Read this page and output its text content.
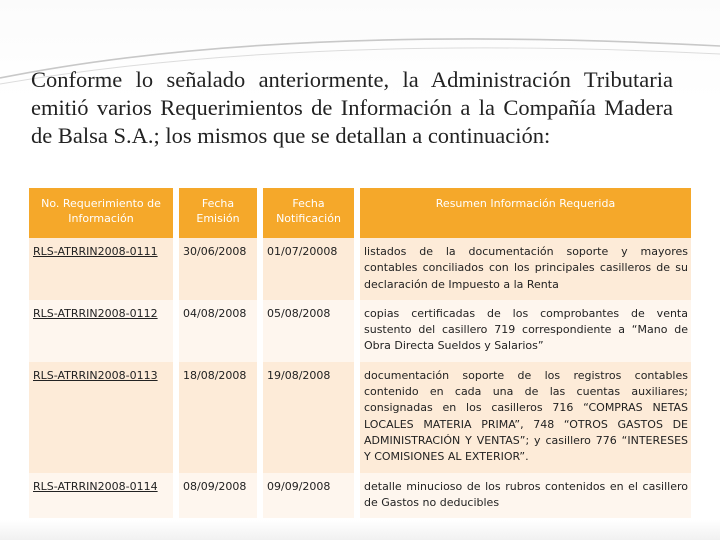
Conforme lo señalado anteriormente, la Administración Tributaria emitió varios Requerimientos de Información a la Compañía Madera de Balsa S.A.; los mismos que se detallan a continuación:
No. Requerimiento de Información	Fecha Emisión	Fecha Notificación	Resumen Información Requerida
RLS-ATRRIN2008-0111	30/06/2008	01/07/20008	listados de la documentación soporte y mayores contables conciliados con los principales casilleros de su declaración de Impuesto a la Renta
RLS-ATRRIN2008-0112	04/08/2008	05/08/2008	copias certificadas de los comprobantes de venta sustento del casillero 719 correspondiente a “Mano de Obra Directa Sueldos y Salarios”
RLS-ATRRIN2008-0113	18/08/2008	19/08/2008	documentación soporte de los registros contables contenido en cada una de las cuentas auxiliares; consignadas en los casilleros 716 “COMPRAS NETAS LOCALES MATERIA PRIMA”, 748 “OTROS GASTOS DE ADMINISTRACIÓN Y VENTAS”; y casillero 776 “INTERESES Y COMISIONES AL EXTERIOR”.
RLS-ATRRIN2008-0114	08/09/2008	09/09/2008	detalle minucioso de los rubros contenidos en el casillero de Gastos no deducibles
